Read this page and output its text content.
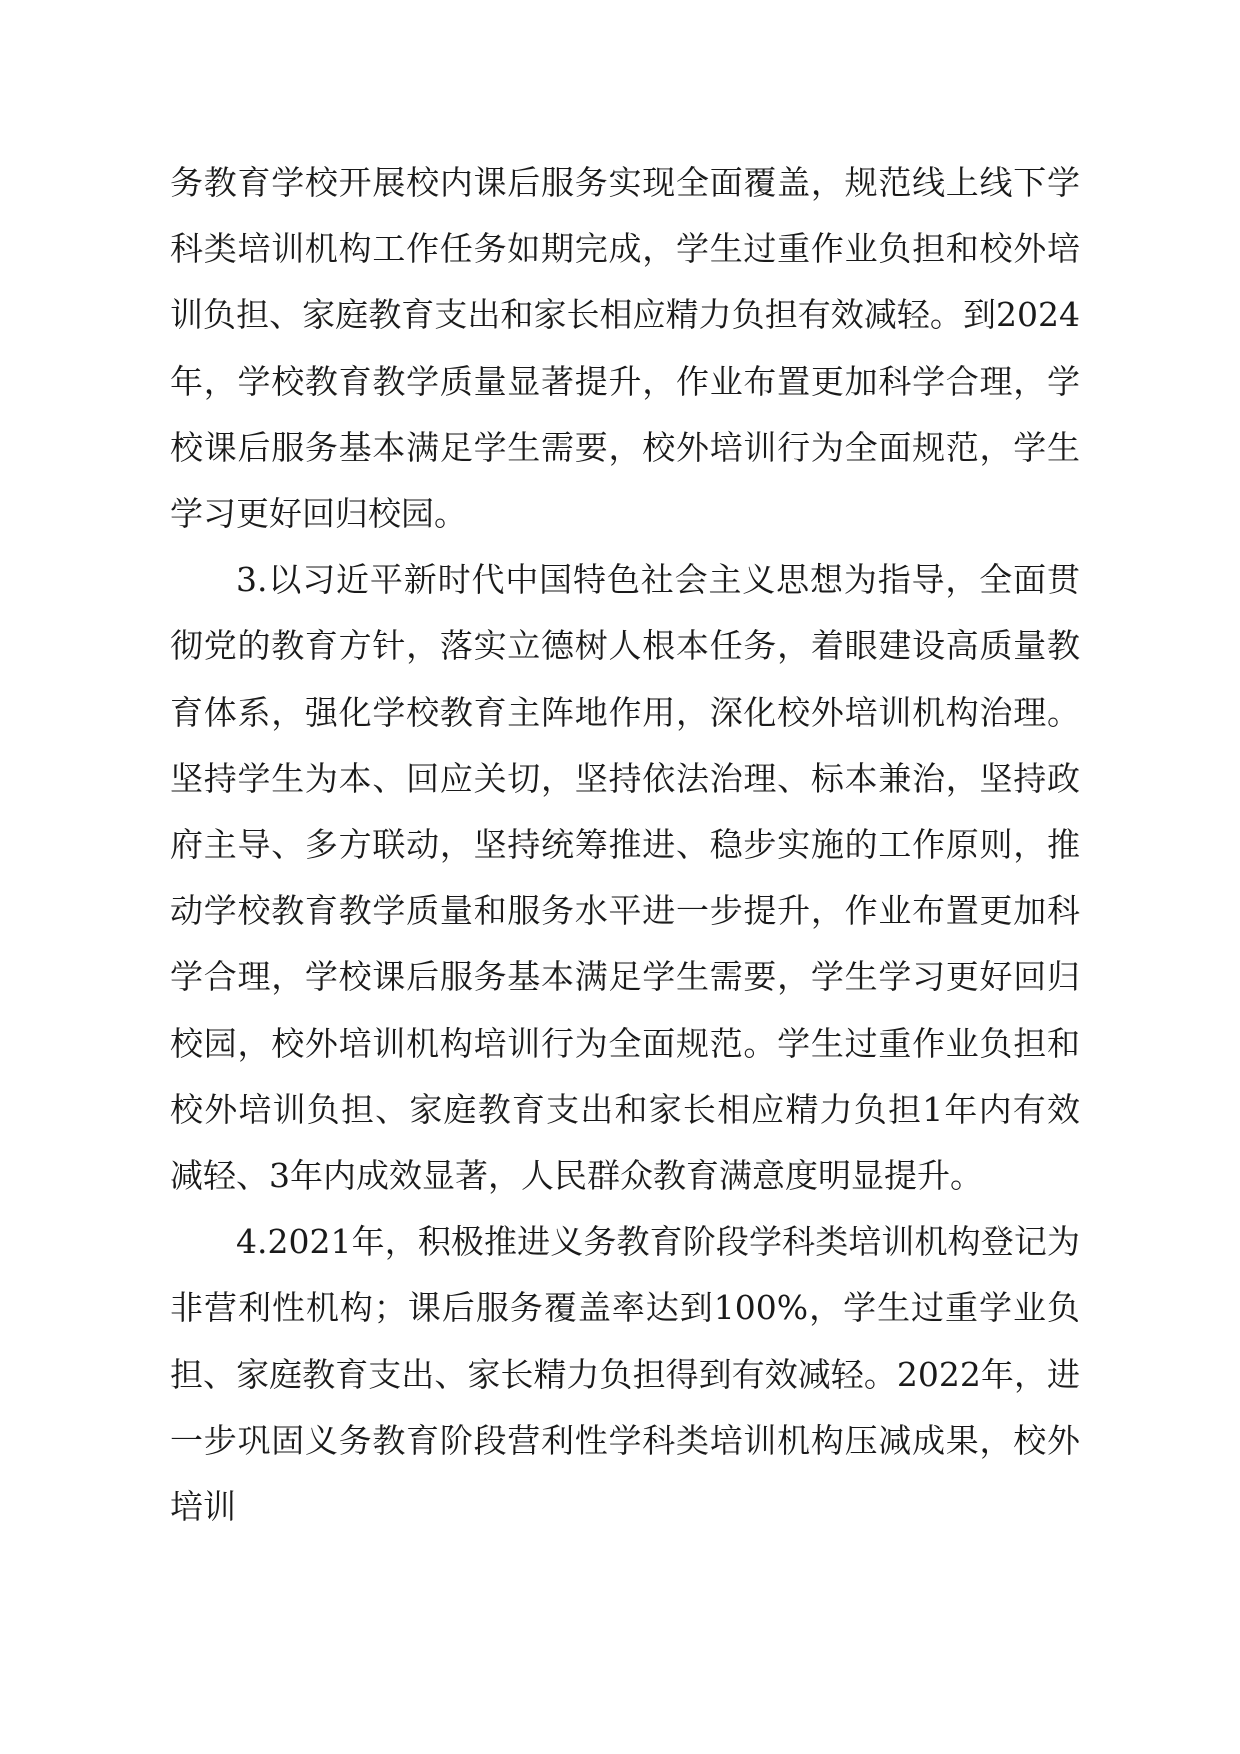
务教育学校开展校内课后服务实现全面覆盖，规范线上线下学科类培训机构工作任务如期完成，学生过重作业负担和校外培训负担、家庭教育支出和家长相应精力负担有效减轻。到2024年，学校教育教学质量显著提升，作业布置更加科学合理，学校课后服务基本满足学生需要，校外培训行为全面规范，学生学习更好回归校园。

3.以习近平新时代中国特色社会主义思想为指导，全面贯彻党的教育方针，落实立德树人根本任务，着眼建设高质量教育体系，强化学校教育主阵地作用，深化校外培训机构治理。坚持学生为本、回应关切，坚持依法治理、标本兼治，坚持政府主导、多方联动，坚持统筹推进、稳步实施的工作原则，推动学校教育教学质量和服务水平进一步提升，作业布置更加科学合理，学校课后服务基本满足学生需要，学生学习更好回归校园，校外培训机构培训行为全面规范。学生过重作业负担和校外培训负担、家庭教育支出和家长相应精力负担1年内有效减轻、3年内成效显著，人民群众教育满意度明显提升。

4.2021年，积极推进义务教育阶段学科类培训机构登记为非营利性机构；课后服务覆盖率达到100%，学生过重学业负担、家庭教育支出、家长精力负担得到有效减轻。2022年，进一步巩固义务教育阶段营利性学科类培训机构压减成果，校外培训
